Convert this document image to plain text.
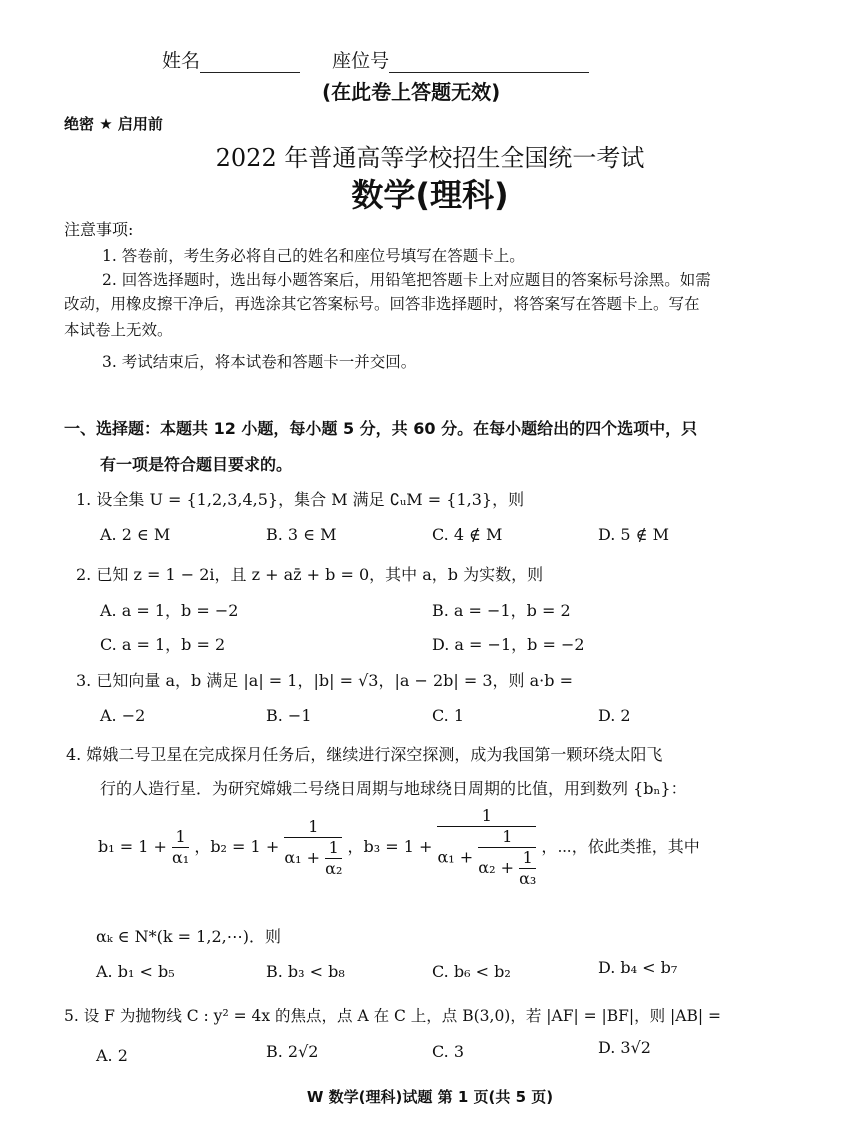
姓名	座位号
(在此卷上答题无效)
绝密 ★ 启用前
2022 年普通高等学校招生全国统一考试
数学(理科)
注意事项:
1. 答卷前，考生务必将自己的姓名和座位号填写在答题卡上。
2. 回答选择题时，选出每小题答案后，用铅笔把答题卡上对应题目的答案标号涂黑。如需
改动，用橡皮擦干净后，再选涂其它答案标号。回答非选择题时，将答案写在答题卡上。写在
本试卷上无效。
3. 考试结束后，将本试卷和答题卡一并交回。
一、选择题：本题共 12 小题，每小题 5 分，共 60 分。在每小题给出的四个选项中，只
有一项是符合题目要求的。
1. 设全集 U = {1,2,3,4,5}，集合 M 满足 ∁ᵤM = {1,3}，则
A. 2 ∈ M	B. 3 ∈ M	C. 4 ∉ M	D. 5 ∉ M
2. 已知 z = 1 − 2i，且 z + az̄ + b = 0，其中 a，b 为实数，则
A. a = 1，b = −2	B. a = −1，b = 2
C. a = 1，b = 2	D. a = −1，b = −2
3. 已知向量 a，b 满足 |a| = 1，|b| = √3，|a − 2b| = 3，则 a·b =
A. −2	B. −1	C. 1	D. 2
4. 嫦娥二号卫星在完成探月任务后，继续进行深空探测，成为我国第一颗环绕太阳飞
行的人造行星．为研究嫦娥二号绕日周期与地球绕日周期的比值，用到数列 {bₙ}：
$b_1 = 1 + \frac{1}{\text{α₁}}$ ，$b_2 = 1 + \frac{1}{\alpha_1 + \frac{1}{\text{α₂}}}$ ，b₃ = 1 +
1
$\alpha_1 + \frac{1}{\alpha_2 + \frac{1}{\text{α₃}}}$ ，⋯，依此类推，其中
αₖ ∈ N*(k = 1,2,⋯)．则
A. b₁ < b₅	B. b₃ < b₈	C. b₆ < b₂	D. b₄ < b₇
5. 设 F 为抛物线 C : y² = 4x 的焦点，点 A 在 C 上，点 B(3,0)，若 |AF| = |BF|，则 |AB| =
A. 2	B. 2√2	C. 3	D. 3√2
W 数学(理科)试题 第 1 页(共 5 页)
